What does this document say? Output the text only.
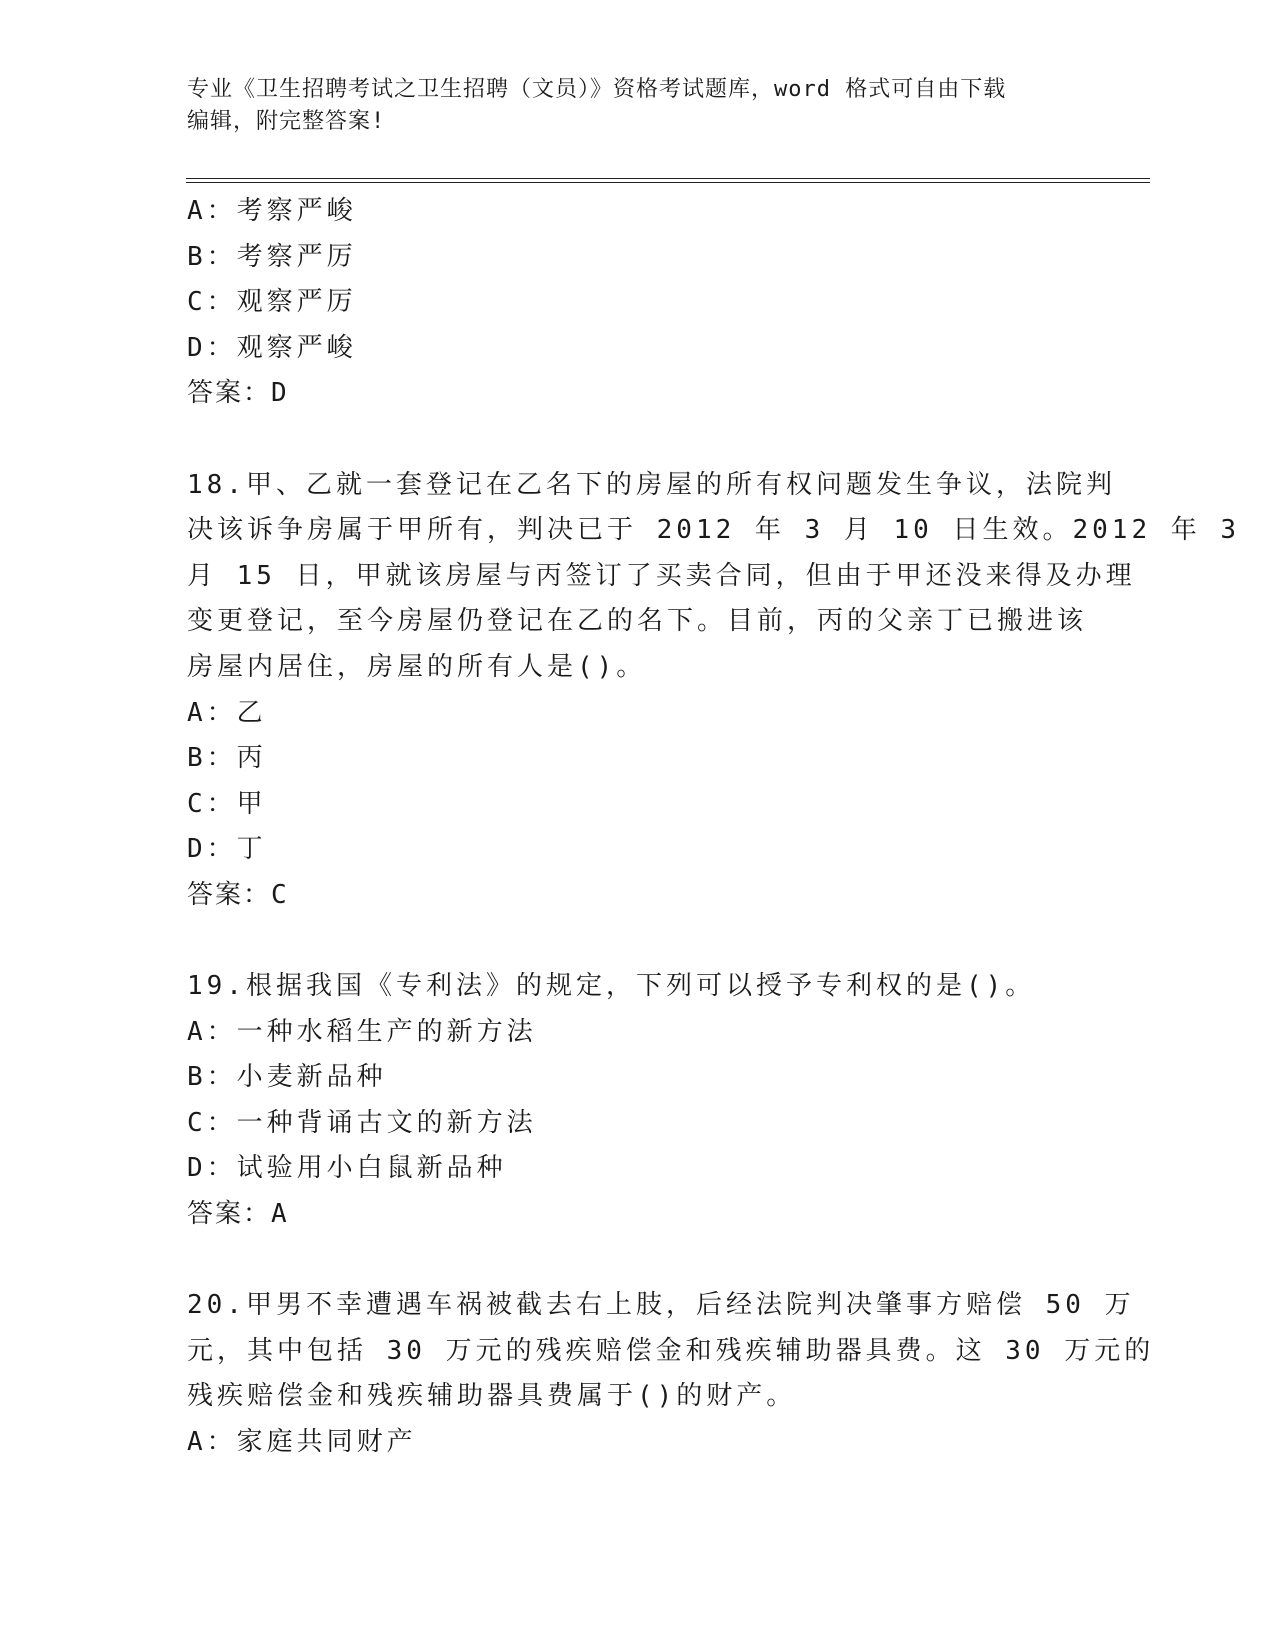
专业《卫生招聘考试之卫生招聘（文员）》资格考试题库，word 格式可自由下载
编辑，附完整答案!
A：考察严峻
B：考察严厉
C：观察严厉
D：观察严峻
答案：D
18.甲、乙就一套登记在乙名下的房屋的所有权问题发生争议，法院判
决该诉争房属于甲所有，判决已于 2012 年 3 月 10 日生效。2012 年 3
月 15 日，甲就该房屋与丙签订了买卖合同，但由于甲还没来得及办理
变更登记，至今房屋仍登记在乙的名下。目前，丙的父亲丁已搬进该
房屋内居住，房屋的所有人是()。
A：乙
B：丙
C：甲
D：丁
答案：C
19.根据我国《专利法》的规定，下列可以授予专利权的是()。
A：一种水稻生产的新方法
B：小麦新品种
C：一种背诵古文的新方法
D：试验用小白鼠新品种
答案：A
20.甲男不幸遭遇车祸被截去右上肢，后经法院判决肇事方赔偿 50 万
元，其中包括 30 万元的残疾赔偿金和残疾辅助器具费。这 30 万元的
残疾赔偿金和残疾辅助器具费属于()的财产。
A：家庭共同财产
